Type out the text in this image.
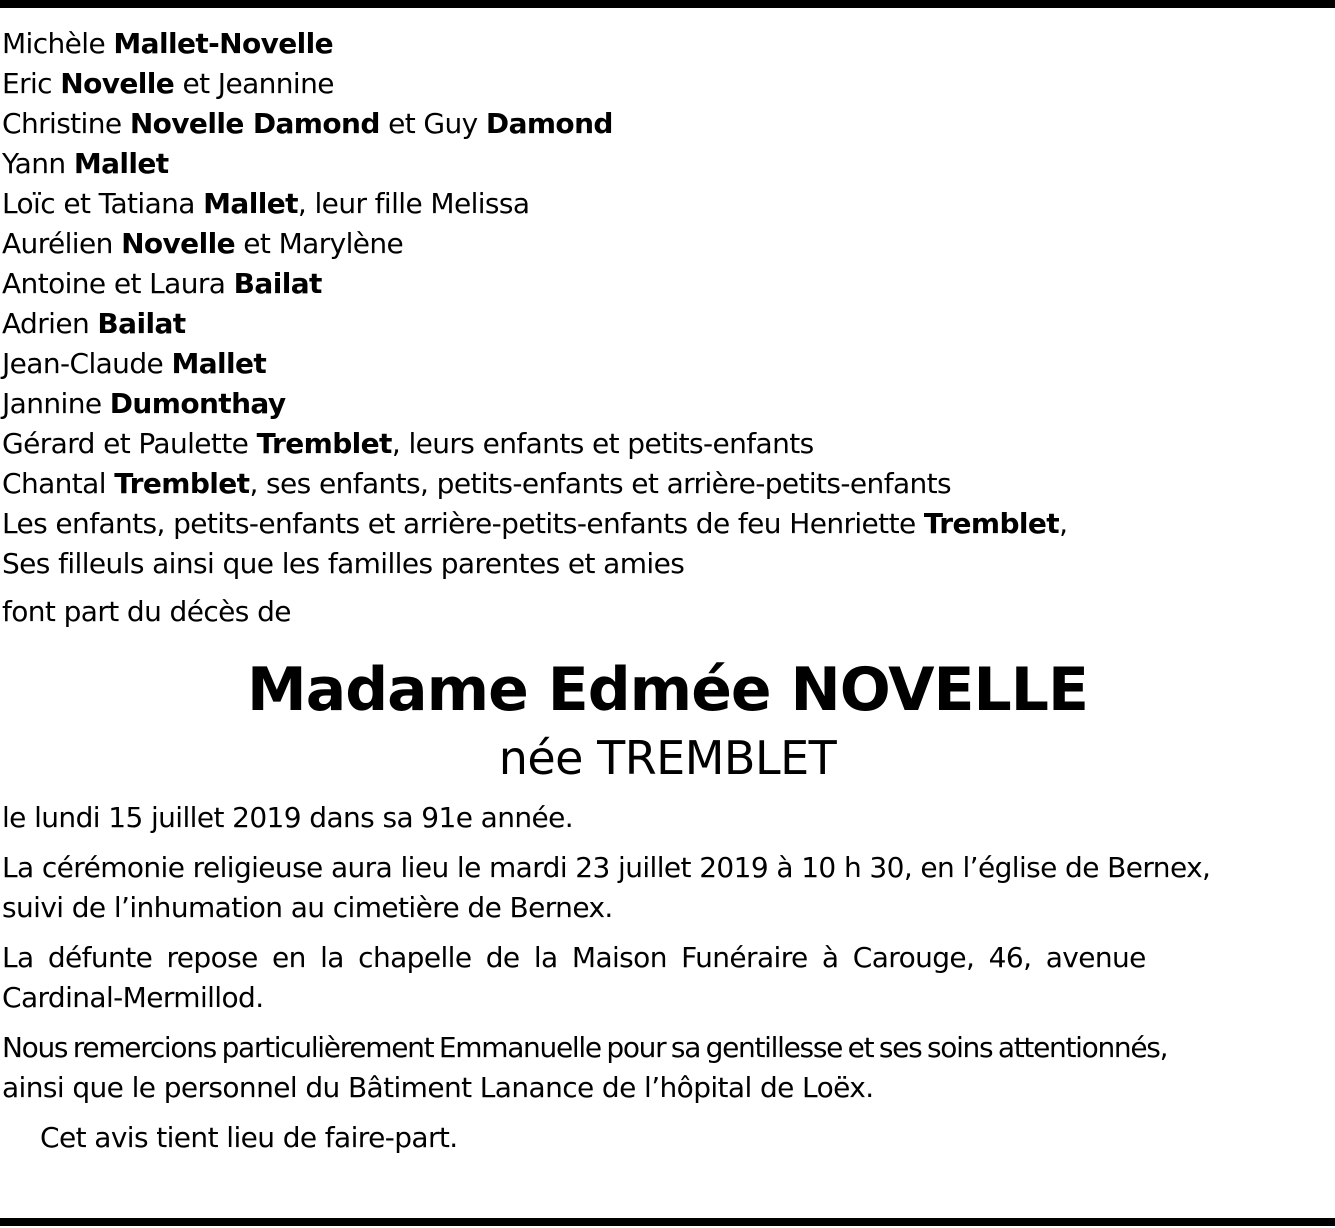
Michèle Mallet-Novelle
Eric Novelle et Jeannine
Christine Novelle Damond et Guy Damond
Yann Mallet
Loïc et Tatiana Mallet, leur fille Melissa
Aurélien Novelle et Marylène
Antoine et Laura Bailat
Adrien Bailat
Jean-Claude Mallet
Jannine Dumonthay
Gérard et Paulette Tremblet, leurs enfants et petits-enfants
Chantal Tremblet, ses enfants, petits-enfants et arrière-petits-enfants
Les enfants, petits-enfants et arrière-petits-enfants de feu Henriette Tremblet,
Ses filleuls ainsi que les familles parentes et amies
font part du décès de
Madame Edmée NOVELLE
née TREMBLET
le lundi 15 juillet 2019 dans sa 91e année.
La cérémonie religieuse aura lieu le mardi 23 juillet 2019 à 10 h 30, en l’église de Bernex,
suivi de l’inhumation au cimetière de Bernex.
La défunte repose en la chapelle de la Maison Funéraire à Carouge, 46, avenue
Cardinal-Mermillod.
Nous remercions particulièrement Emmanuelle pour sa gentillesse et ses soins attentionnés,
ainsi que le personnel du Bâtiment Lanance de l’hôpital de Loëx.
Cet avis tient lieu de faire-part.
